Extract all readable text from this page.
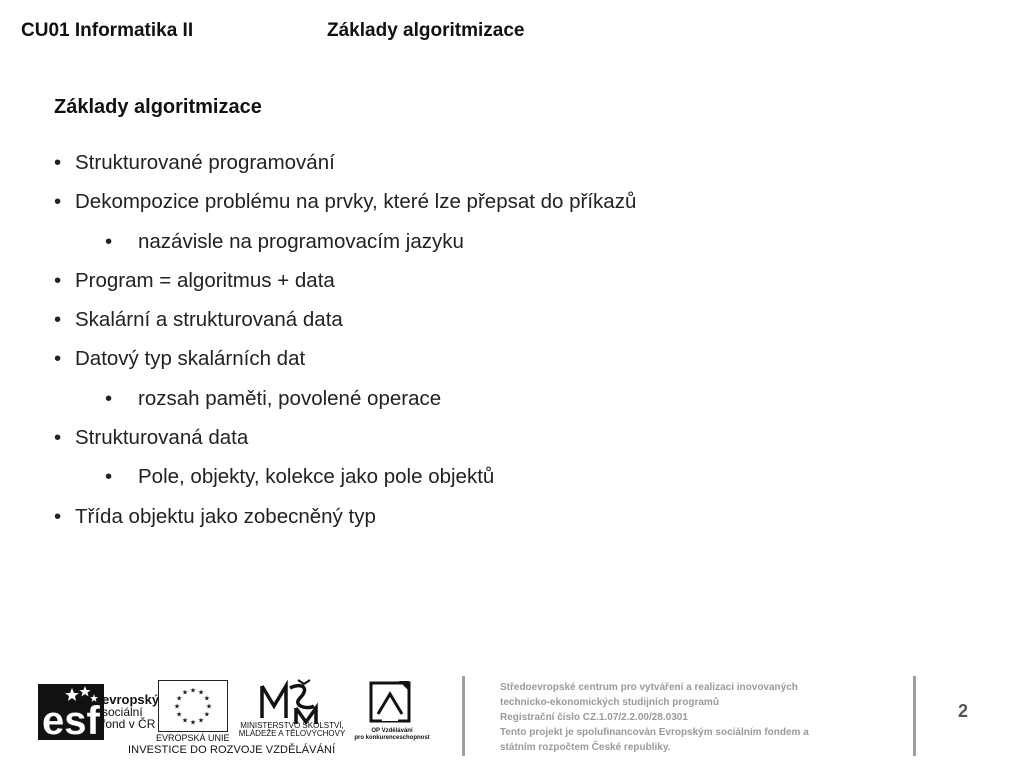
CU01 Informatika II	Základy algoritmizace
Základy algoritmizace
• Strukturované programování
• Dekompozice problému na prvky, které lze přepsat do příkazů
• nazávisle na programovacím jazyku
• Program = algoritmus + data
• Skalární a strukturovaná data
• Datový typ skalárních dat
• rozsah paměti, povolené operace
• Strukturovaná data
• Pole, objekty, kolekce jako pole objektů
• Třída objektu jako zobecněný typ
esf evropský
sociální
fond v ČR
★
★
★
★
★
★
★
★
★ ★ ★
★
EVROPSKÁ UNIE
MINISTERSTVO ŠKOLSTVÍ,
MLÁDEŽE A TĚLOVÝCHOVY	OP Vzdělávání
pro konkurenceschopnost
INVESTICE DO ROZVOJE VZDĚLÁVÁNÍ
Středoevropské centrum pro vytváření a realizaci inovovaných
technicko-ekonomických studijních programů
Registrační číslo CZ.1.07/2.2.00/28.0301
Tento projekt je spolufinancován Evropským sociálním fondem a
státním rozpočtem České republiky.
2
